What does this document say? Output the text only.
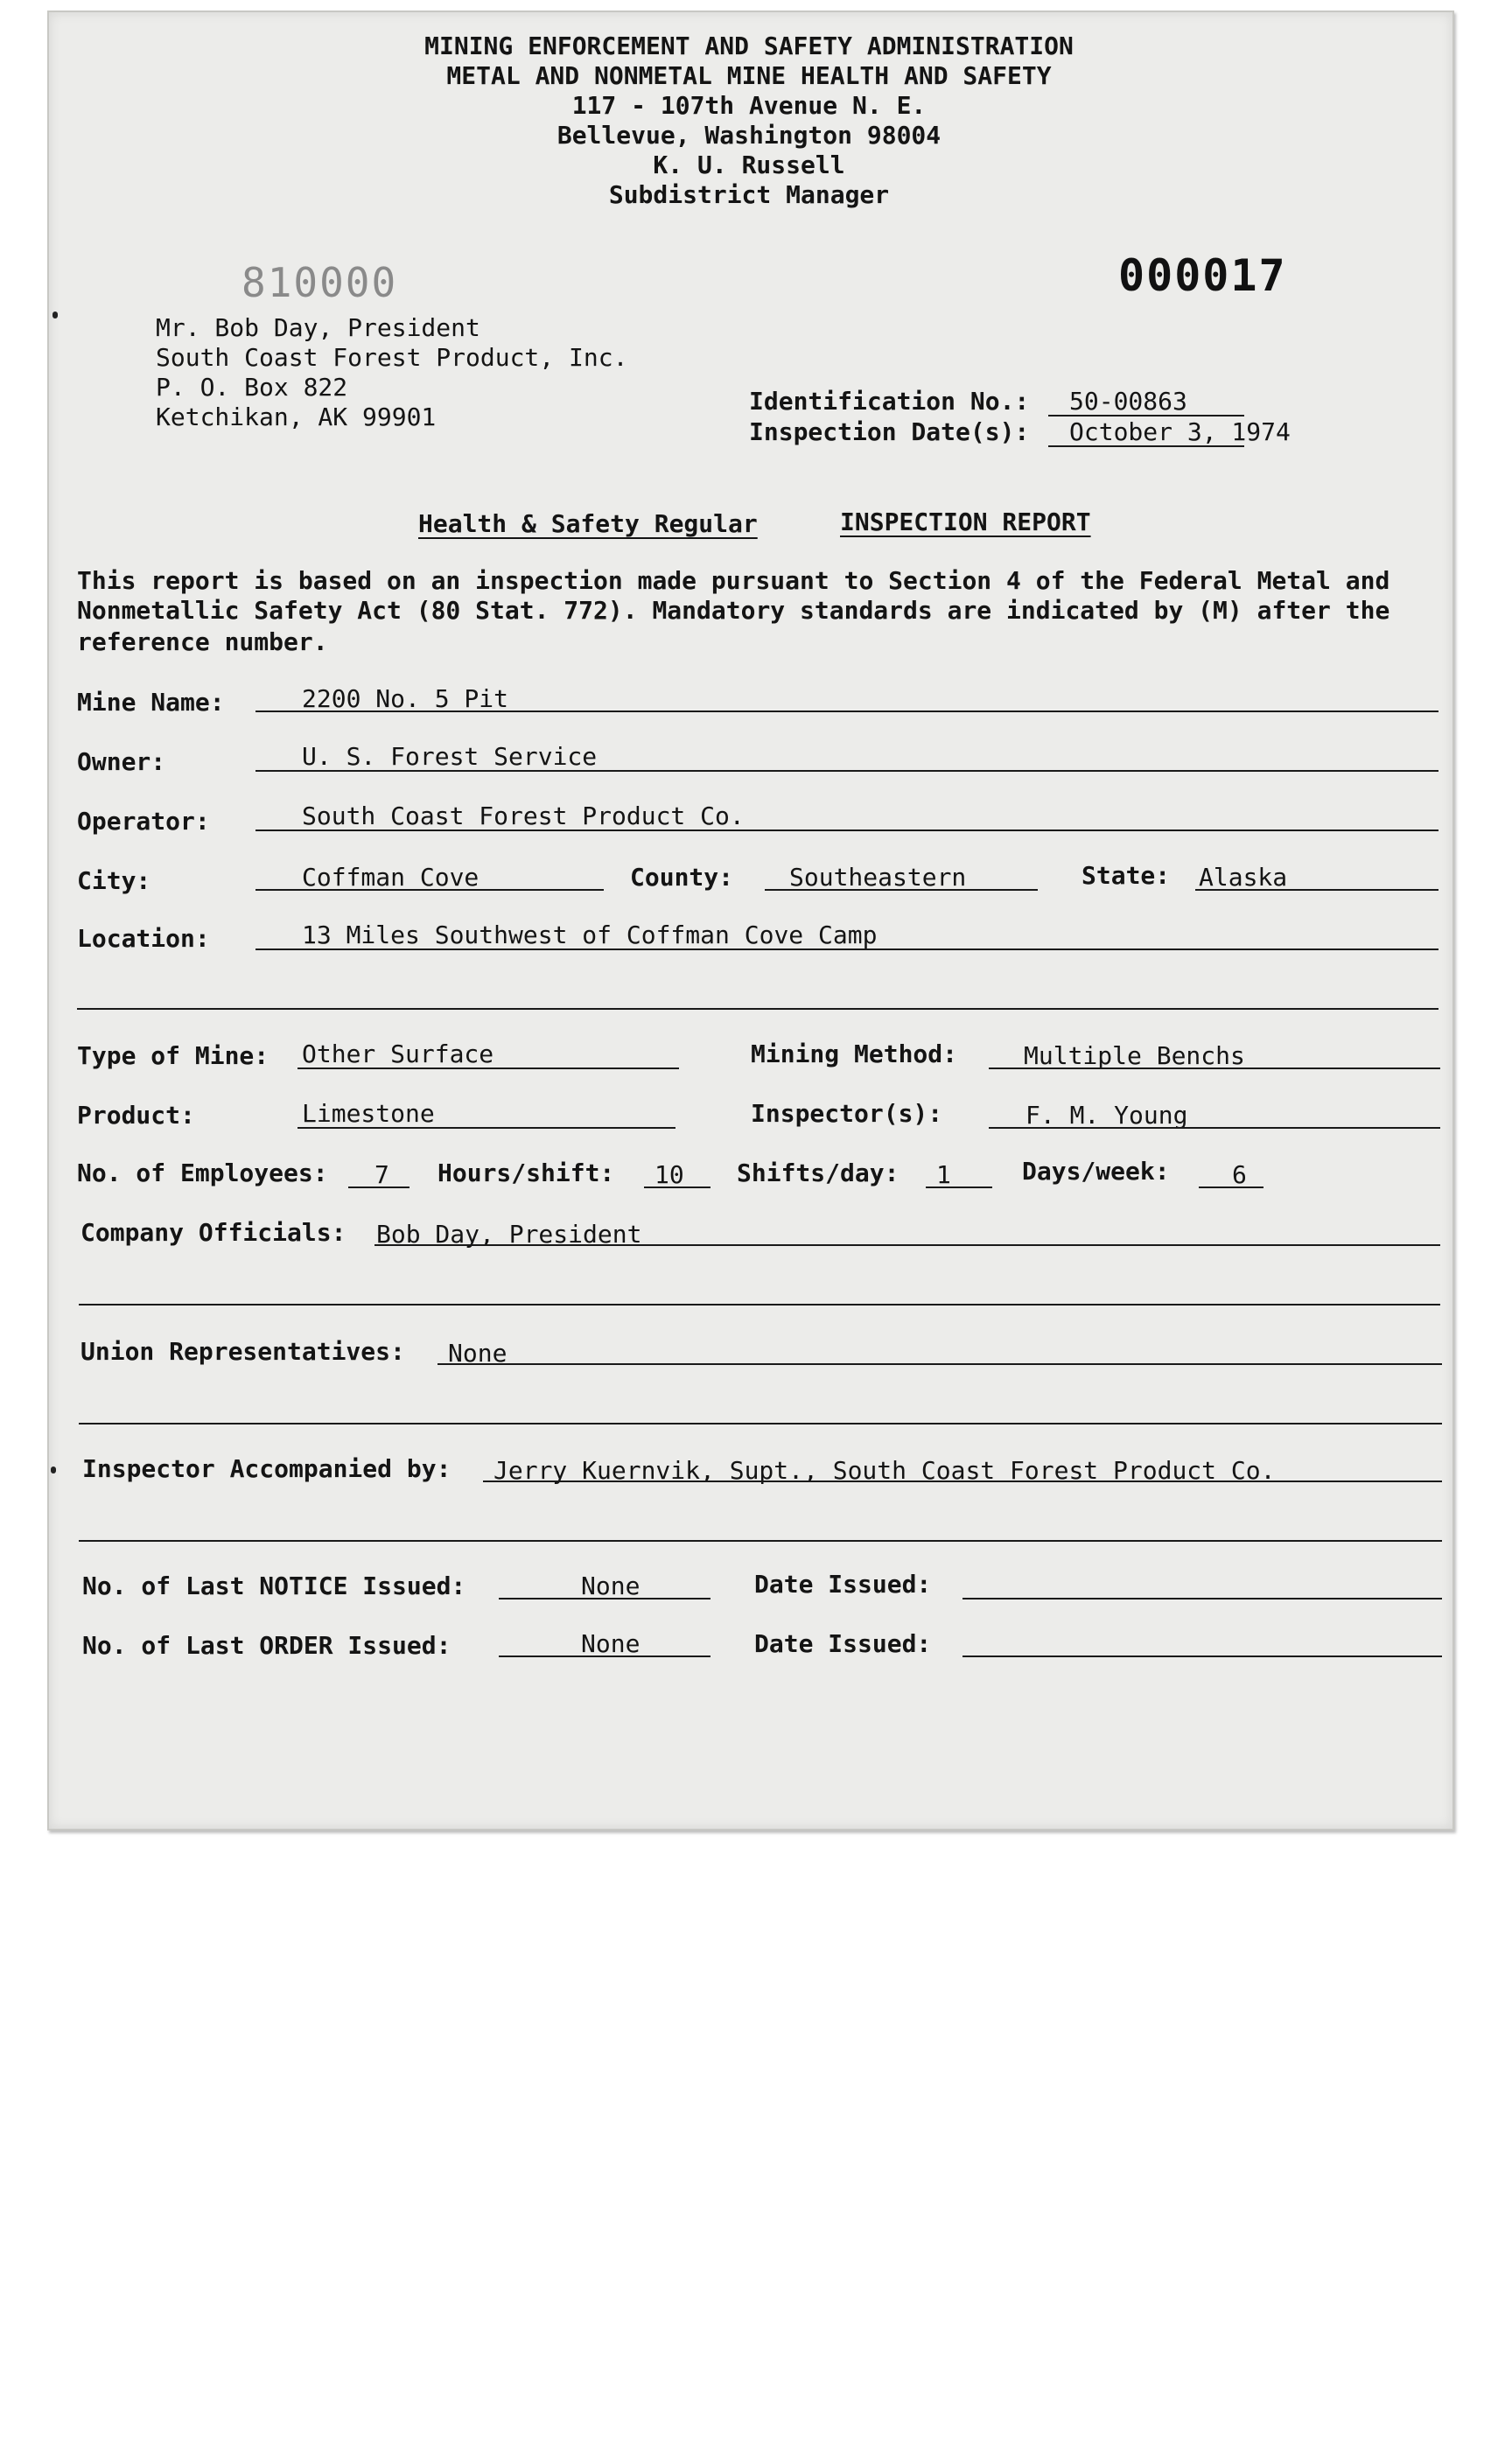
MINING ENFORCEMENT AND SAFETY ADMINISTRATION
METAL AND NONMETAL MINE HEALTH AND SAFETY
117 - 107th Avenue N. E.
Bellevue, Washington 98004
K. U. Russell
Subdistrict Manager
810000	000017
Mr. Bob Day, President
South Coast Forest Product, Inc.
P. O. Box 822
Ketchikan, AK 99901
Identification No.: 50-00863
Inspection Date(s): October 3, 1974
Health & Safety Regular	INSPECTION REPORT
This report is based on an inspection made pursuant to Section 4 of the Federal Metal and
Nonmetallic Safety Act (80 Stat. 772). Mandatory standards are indicated by (M) after the
reference number.
Mine Name:	2200 No. 5 Pit
Owner:	U. S. Forest Service
Operator:	South Coast Forest Product Co.
City:	Coffman Cove	County: Southeastern	State: Alaska
Location:	13 Miles Southwest of Coffman Cove Camp
Type of Mine: Other Surface	Mining Method:	Multiple Benchs
Product:	Limestone	Inspector(s):	F. M. Young
No. of Employees: 7 Hours/shift: 10 Shifts/day: 1	Days/week:	6
Company Officials: Bob Day, President
Union Representatives: None
Inspector Accompanied by: Jerry Kuernvik, Supt., South Coast Forest Product Co.
No. of Last NOTICE Issued:	None	Date Issued:
No. of Last ORDER Issued:	None	Date Issued:
